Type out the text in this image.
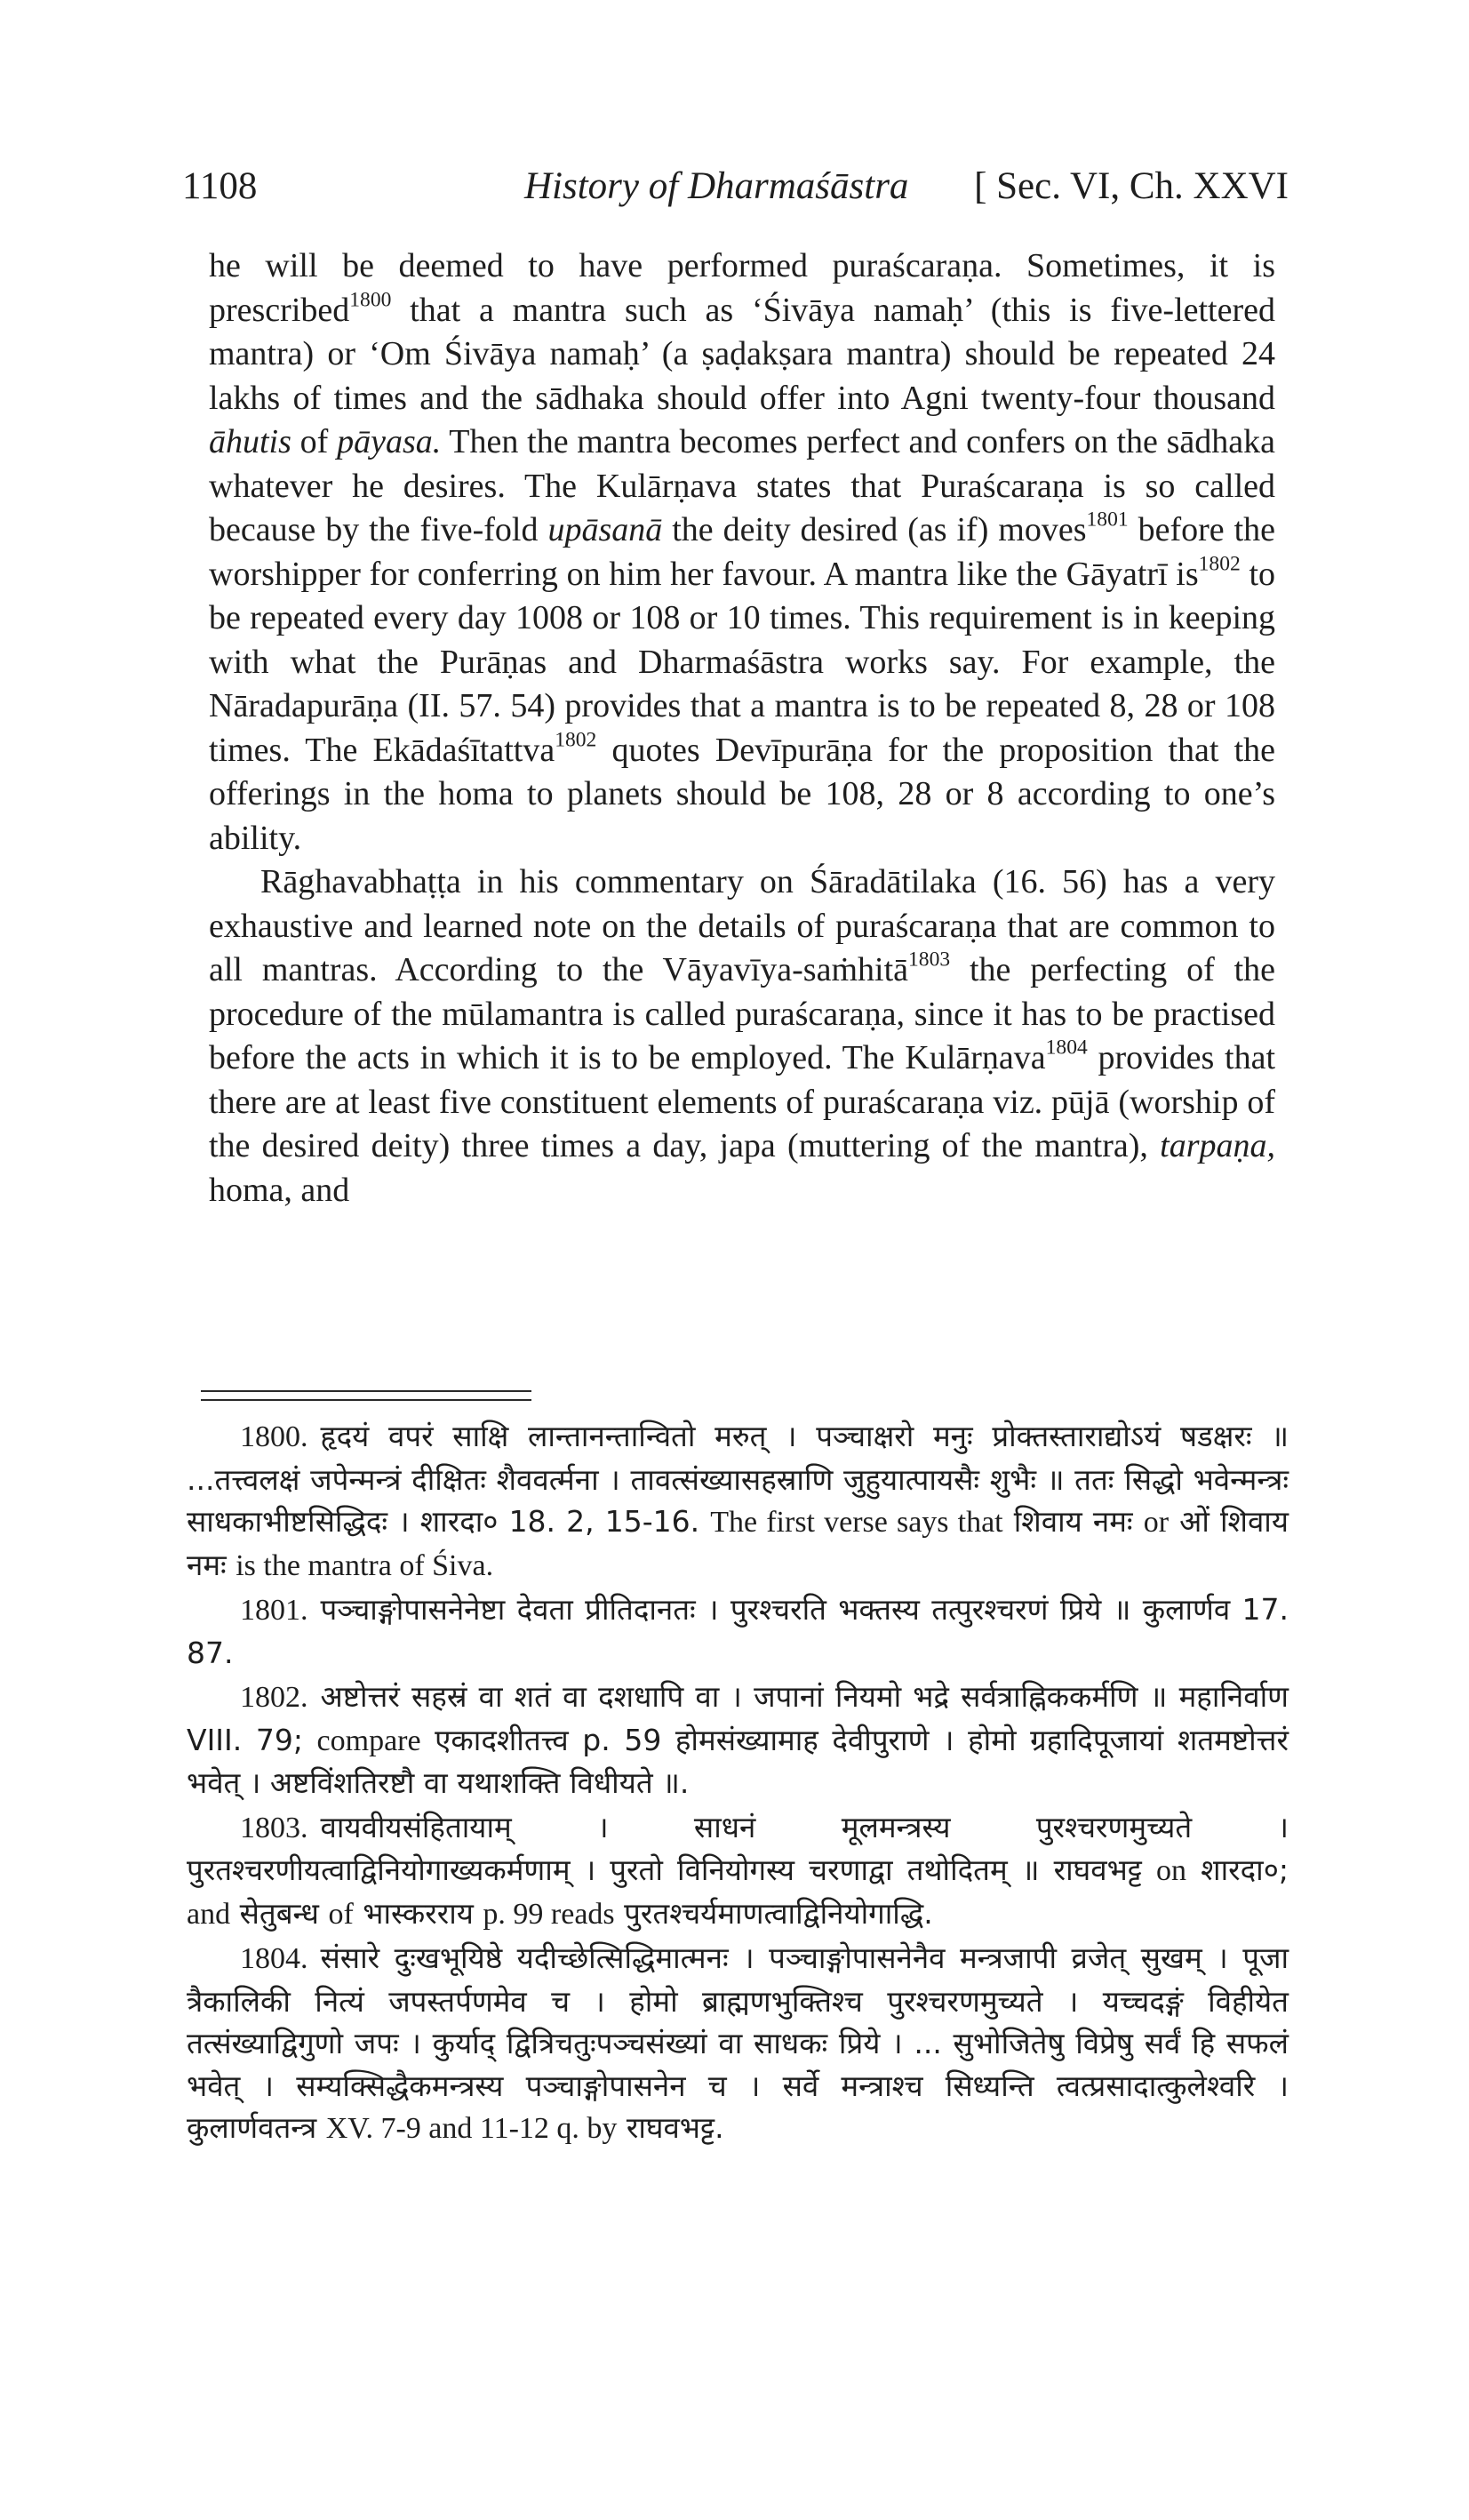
1108	History of Dharmaśāstra [ Sec. VI, Ch. XXVI

he will be deemed to have performed puraścaraṇa. Sometimes, it is prescribed$^{1800}$ that a mantra such as ‘Śivāya namaḥ’ (this is five-lettered mantra) or ‘Om Śivāya namaḥ’ (a ṣaḍakṣara mantra) should be repeated 24 lakhs of times and the sādhaka should offer into Agni twenty-four thousand āhutis of pāyasa. Then the mantra becomes perfect and confers on the sādhaka whatever he desires. The Kulārṇava states that Puraścaraṇa is so called because by the five-fold upāsanā the deity desired (as if) moves$^{1801}$ before the worshipper for conferring on him her favour. A mantra like the Gāyatrī $is^{1802}$ to be repeated every day 1008 or 108 or 10 times. This requirement is in keeping with what the Purāṇas and Dharmaśāstra works say. For example, the Nāradapurāṇa (II. 57. 54) provides that a mantra is to be repeated 8, 28 or 108 times. The Ekādaśītattva$^{1802}$ quotes Devīpurāṇa for the proposition that the offerings in the homa to planets should be 108, 28 or 8 according to one’s ability.

Rāghavabhaṭṭa in his commentary on Śāradātilaka (16. 56) has a very exhaustive and learned note on the details of puraścaraṇa that are common to all mantras. According to the Vāyavīya-saṁhitā$^{1803}$ the perfecting of the procedure of the mūlamantra is called puraścaraṇa, since it has to be practised before the acts in which it is to be employed. The Kulārṇava$^{1804}$ provides that there are at least five constituent elements of puraścaraṇa viz. pūjā (worship of the desired deity) three times a day, japa (muttering of the mantra), tarpaṇa, homa, and

1800. हृदयं वपरं साक्षि लान्तानन्तान्वितो मरुत् । पञ्चाक्षरो मनुः प्रोक्तस्ताराद्योऽयं षडक्षरः ॥ ...तत्त्वलक्षं जपेन्मन्त्रं दीक्षितः शैववर्त्मना । तावत्संख्यासहस्राणि जुहुयात्पायसैः शुभैः ॥ ततः सिद्धो भवेन्मन्त्रः साधकाभीष्टसिद्धिदः । शारदा० 18. 2, 15-16. The first verse says that शिवाय नमः or ओं शिवाय नमः is the mantra of Śiva.

1801. पञ्चाङ्गोपासनेनेष्टा देवता प्रीतिदानतः । पुरश्चरति भक्तस्य तत्पुरश्चरणं प्रिये ॥ कुलार्णव 17. 87.

1802. अष्टोत्तरं सहस्रं वा शतं वा दशधापि वा । जपानां नियमो भद्रे सर्वत्राह्निककर्मणि ॥ महानिर्वाण VIII. 79; compare एकादशीतत्त्व p. 59 होमसंख्यामाह देवीपुराणे । होमो ग्रहादिपूजायां शतमष्टोत्तरं भवेत् । अष्टविंशतिरष्टौ वा यथाशक्ति विधीयते ॥.

1803. वायवीयसंहितायाम् । साधनं मूलमन्त्रस्य पुरश्चरणमुच्यते । पुरतश्चरणीयत्वाद्विनियोगाख्यकर्मणाम् । पुरतो विनियोगस्य चरणाद्वा तथोदितम् ॥ राघवभट्ट on शारदा०; and सेतुबन्ध of भास्करराय p. 99 reads पुरतश्चर्यमाणत्वाद्विनियोगाद्धि.

1804. संसारे दुःखभूयिष्ठे यदीच्छेत्सिद्धिमात्मनः । पञ्चाङ्गोपासनेनैव मन्त्रजापी व्रजेत् सुखम् । पूजा त्रैकालिकी नित्यं जपस्तर्पणमेव च । होमो ब्राह्मणभुक्तिश्च पुरश्चरणमुच्यते । यच्चदङ्गं विहीयेत तत्संख्याद्विगुणो जपः । कुर्याद् द्वित्रिचतुःपञ्चसंख्यां वा साधकः प्रिये । ... सुभोजितेषु विप्रेषु सर्वं हि सफलं भवेत् । सम्यक्सिद्धैकमन्त्रस्य पञ्चाङ्गोपासनेन च । सर्वे मन्त्राश्च सिध्यन्ति त्वत्प्रसादात्कुलेश्वरि । कुलार्णवतन्त्र XV. 7-9 and 11-12 q. by राघवभट्ट.
